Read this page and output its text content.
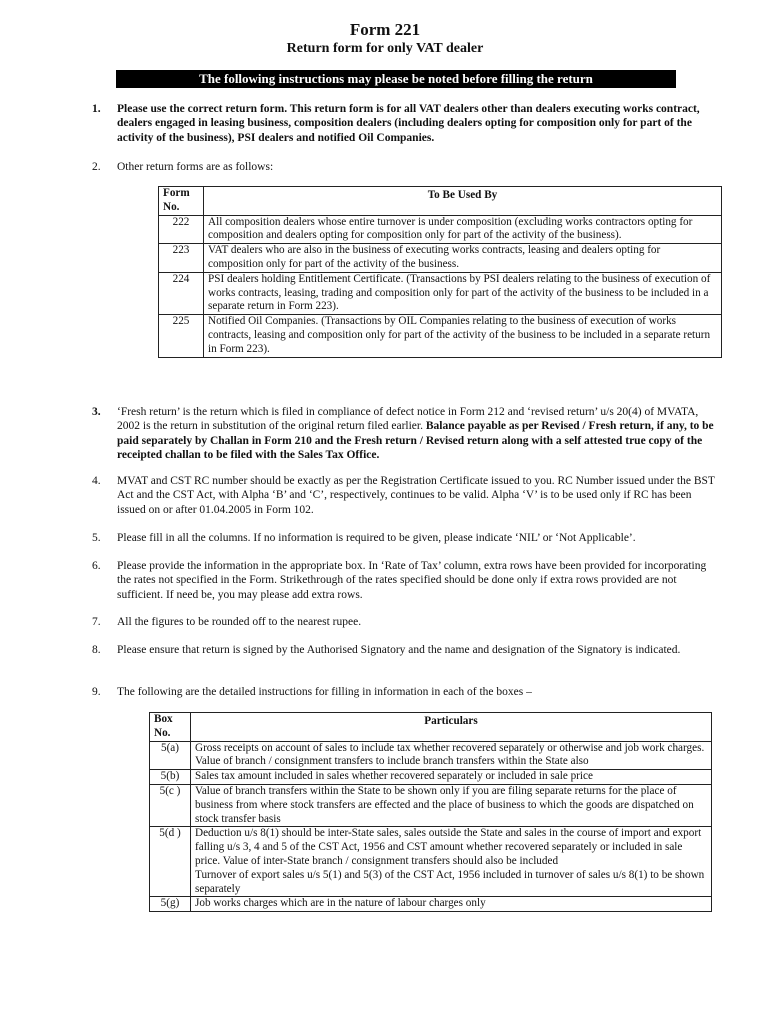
Form 221
Return form for only VAT dealer
The following instructions may please be noted before filling the return
1.	Please use the correct return form. This return form is for all VAT dealers other than dealers executing works contract, dealers engaged in leasing business, composition dealers (including dealers opting for composition only for part of the activity of the business), PSI dealers and notified Oil Companies.
2.	Other return forms are as follows:
Form No.	To Be Used By
222	All composition dealers whose entire turnover is under composition (excluding works contractors opting for composition and dealers opting for composition only for part of the activity of the business).
223	VAT dealers who are also in the business of executing works contracts, leasing and dealers opting for composition only for part of the activity of the business.
224	PSI dealers holding Entitlement Certificate. (Transactions by PSI dealers relating to the business of execution of works contracts, leasing, trading and composition only for part of the activity of the business to be included in a separate return in Form 223).
225	Notified Oil Companies. (Transactions by OIL Companies relating to the business of execution of works contracts, leasing and composition only for part of the activity of the business to be included in a separate return in Form 223).
3.	‘Fresh return’ is the return which is filed in compliance of defect notice in Form 212 and ‘revised return’ u/s 20(4) of MVATA, 2002 is the return in substitution of the original return filed earlier. Balance payable as per Revised / Fresh return, if any, to be paid separately by Challan in Form 210 and the Fresh return / Revised return along with a self attested true copy of the receipted challan to be filed with the Sales Tax Office.
4.	MVAT and CST RC number should be exactly as per the Registration Certificate issued to you. RC Number issued under the BST Act and the CST Act, with Alpha ‘B’ and ‘C’, respectively, continues to be valid. Alpha ‘V’ is to be used only if RC has been issued on or after 01.04.2005 in Form 102.
5.	Please fill in all the columns. If no information is required to be given, please indicate ‘NIL’ or ‘Not Applicable’.
6.	Please provide the information in the appropriate box. In ‘Rate of Tax’ column, extra rows have been provided for incorporating the rates not specified in the Form. Strikethrough of the rates specified should be done only if extra rows provided are not sufficient. If need be, you may please add extra rows.
7.	All the figures to be rounded off to the nearest rupee.
8.	Please ensure that return is signed by the Authorised Signatory and the name and designation of the Signatory is indicated.
9.	The following are the detailed instructions for filling in information in each of the boxes –
Box No.	Particulars
5(a)	Gross receipts on account of sales to include tax whether recovered separately or otherwise and job work charges. Value of branch / consignment transfers to include branch transfers within the State also
5(b)	Sales tax amount included in sales whether recovered separately or included in sale price
5(c )	Value of branch transfers within the State to be shown only if you are filing separate returns for the place of business from where stock transfers are effected and the place of business to which the goods are dispatched on stock transfer basis
5(d )	Deduction u/s 8(1) should be inter-State sales, sales outside the State and sales in the course of import and export falling u/s 3, 4 and 5 of the CST Act, 1956 and CST amount whether recovered separately or included in sale price. Value of inter-State branch / consignment transfers should also be included
Turnover of export sales u/s 5(1) and 5(3) of the CST Act, 1956 included in turnover of sales u/s 8(1) to be shown separately

5(g)	Job works charges which are in the nature of labour charges only
